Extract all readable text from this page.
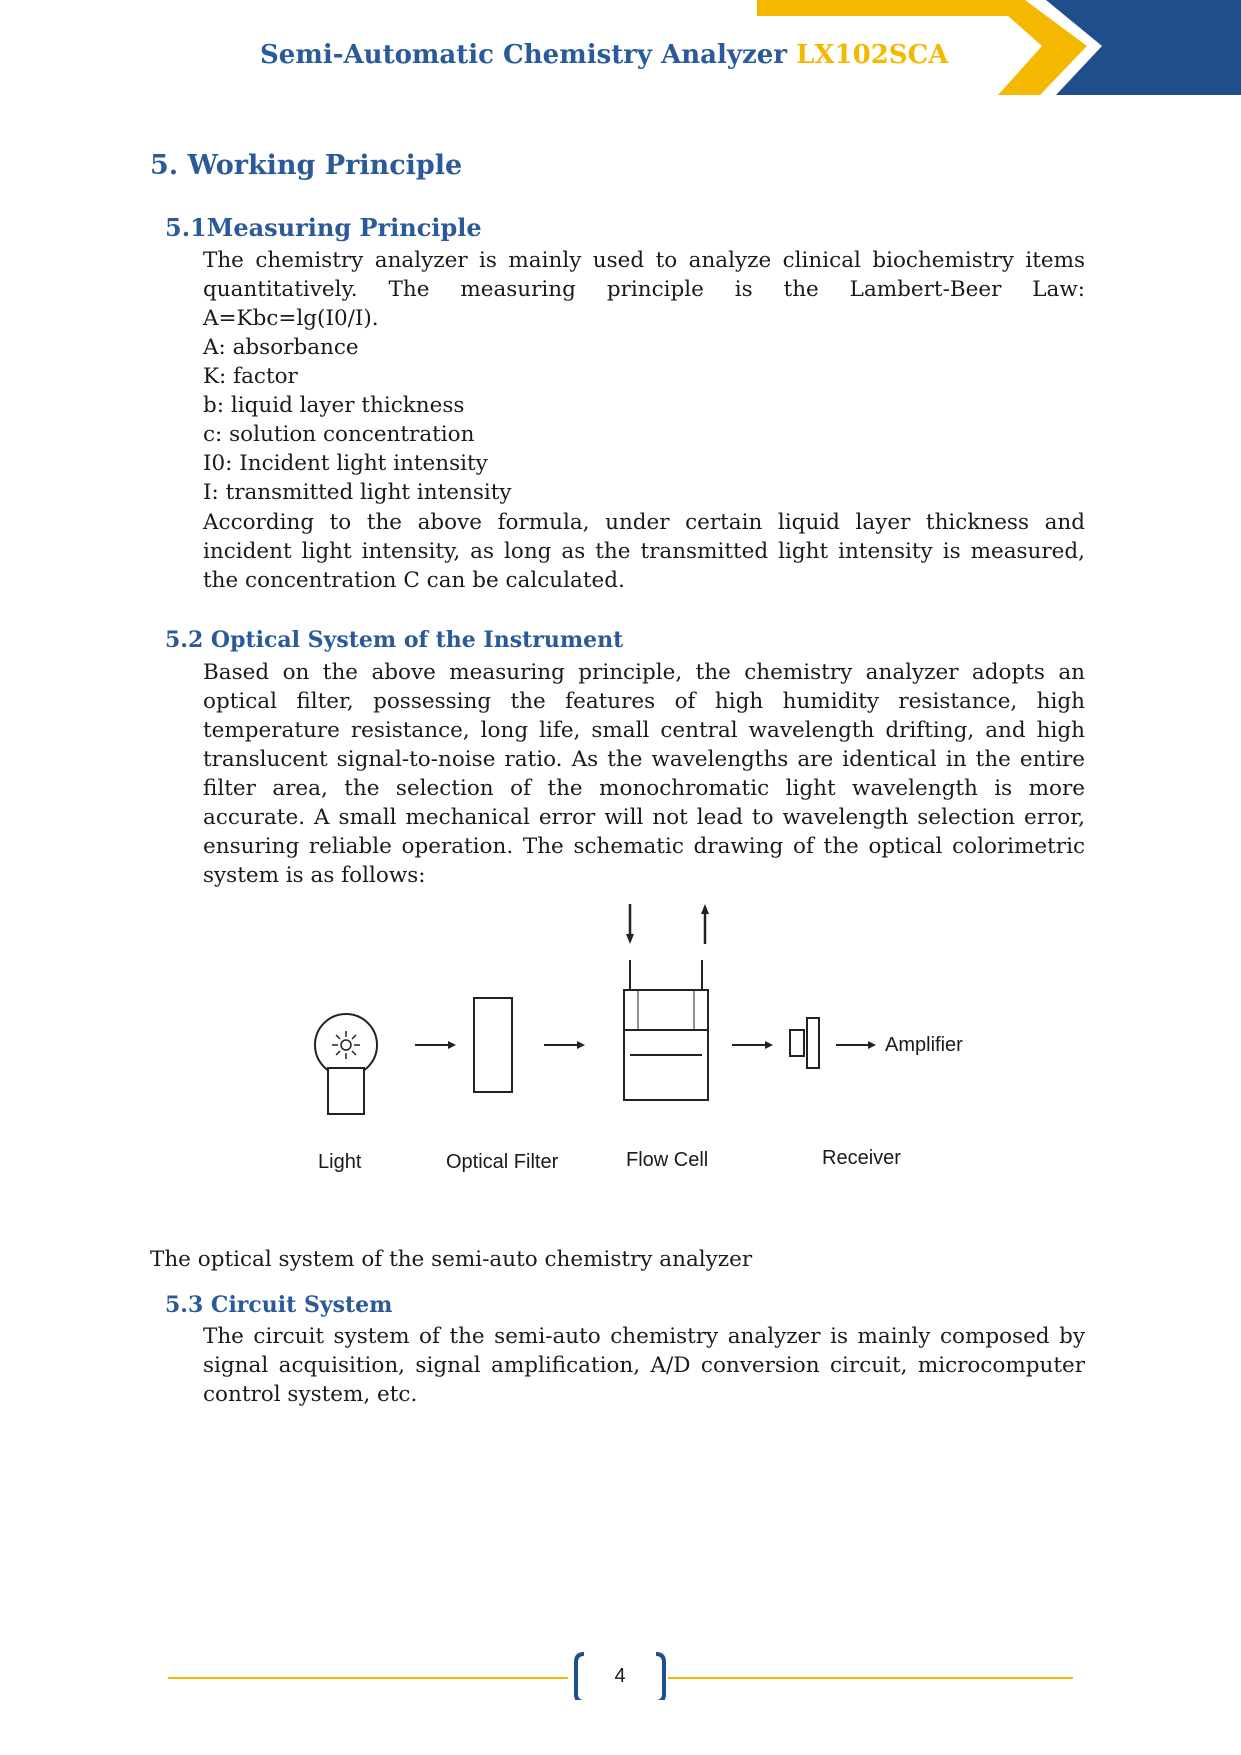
Semi-Automatic Chemistry Analyzer LX102SCA
5. Working Principle
5.1Measuring Principle
The chemistry analyzer is mainly used to analyze clinical biochemistry items quantitatively. The measuring principle is the Lambert-Beer Law: A=Kbc=lg(I0/I).
A: absorbance
K: factor
b: liquid layer thickness
c: solution concentration
I0: Incident light intensity
I: transmitted light intensity
According to the above formula, under certain liquid layer thickness and incident light intensity, as long as the transmitted light intensity is measured, the concentration C can be calculated.
5.2 Optical System of the Instrument
Based on the above measuring principle, the chemistry analyzer adopts an optical filter, possessing the features of high humidity resistance, high temperature resistance, long life, small central wavelength drifting, and high translucent signal-to-noise ratio. As the wavelengths are identical in the entire filter area, the selection of the monochromatic light wavelength is more accurate. A small mechanical error will not lead to wavelength selection error, ensuring reliable operation. The schematic drawing of the optical colorimetric system is as follows:
Amplifier
Light	Optical Filter	Flow Cell	Receiver
The optical system of the semi-auto chemistry analyzer
5.3 Circuit System
The circuit system of the semi-auto chemistry analyzer is mainly composed by signal acquisition, signal amplification, A/D conversion circuit, microcomputer control system, etc.
4
